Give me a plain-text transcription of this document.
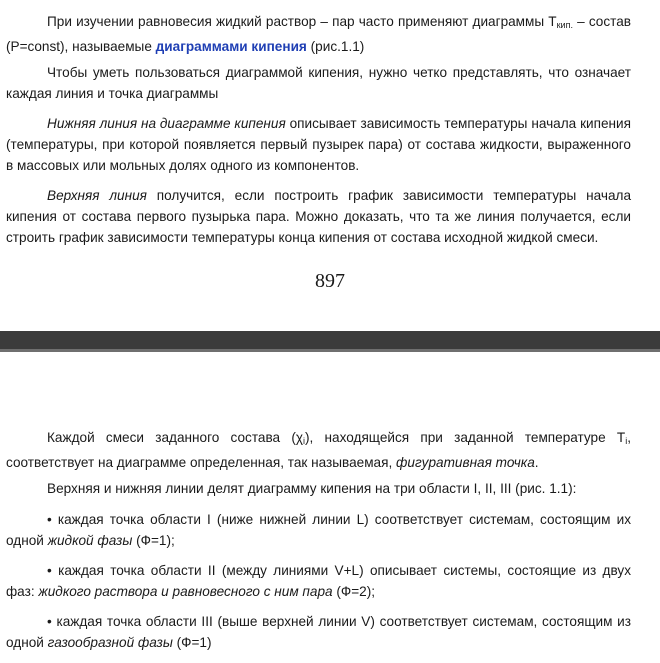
При изучении равновесия жидкий раствор – пар часто применяют диаграммы $Т_{кип.}$ – состав (P=const), называемые диаграммами кипения (рис.1.1)

Чтобы уметь пользоваться диаграммой кипения, нужно четко представлять, что означает каждая линия и точка диаграммы

Нижняя линия на диаграмме кипения описывает зависимость температуры начала кипения (температуры, при которой появляется первый пузырек пара) от состава жидкости, выраженного в массовых или мольных долях одного из компонентов.

Верхняя линия получится, если построить график зависимости температуры начала кипения от состава первого пузырька пара. Можно доказать, что та же линия получается, если строить график зависимости температуры конца кипения от состава исходной жидкой смеси.

897

Каждой смеси заданного состава $(\chi_i)$, находящейся при заданной температуре $T_i$, соответствует на диаграмме определенная, так называемая, фигуративная точка.

Верхняя и нижняя линии делят диаграмму кипения на три области I, II, III (рис. 1.1):

• каждая точка области I (ниже нижней линии L) соответствует системам, состоящим их одной жидкой фазы (Ф=1);

• каждая точка области II (между линиями V+L) описывает системы, состоящие из двух фаз: жидкого раствора и равновесного с ним пара (Ф=2);

• каждая точка области III (выше верхней линии V) соответствует системам, состоящим из одной газообразной фазы (Ф=1)
